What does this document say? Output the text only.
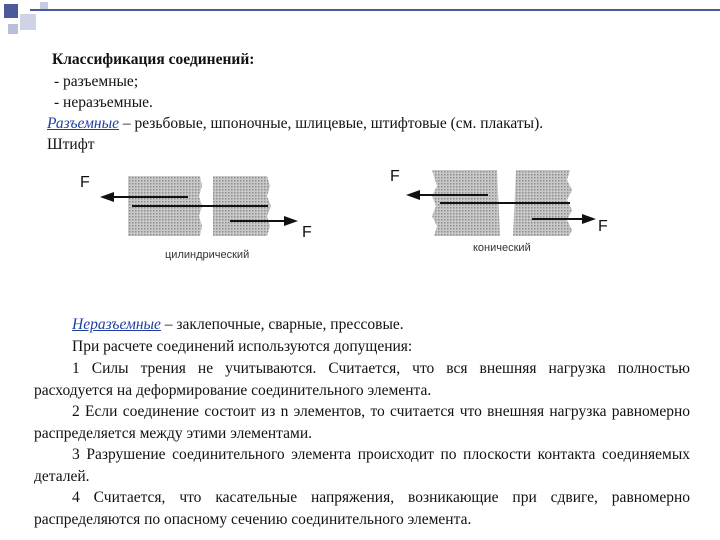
Классификация соединений:
- разъемные;
- неразъемные.
Разъемные – резьбовые, шпоночные, шлицевые, штифтовые (см. плакаты).
Штифт
F
F
F
F
цилиндрический
конический
Неразъемные – заклепочные, сварные, прессовые.
При расчете соединений используются допущения:

1 Силы трения не учитываются. Считается, что вся внешняя нагрузка полностью расходуется на деформирование соединительного элемента.

2 Если соединение состоит из n элементов, то считается что внешняя нагрузка равномерно распределяется между этими элементами.

3 Разрушение соединительного элемента происходит по плоскости контакта соединяемых деталей.

4 Считается, что касательные напряжения, возникающие при сдвиге, равномерно распределяются по опасному сечению соединительного элемента.
